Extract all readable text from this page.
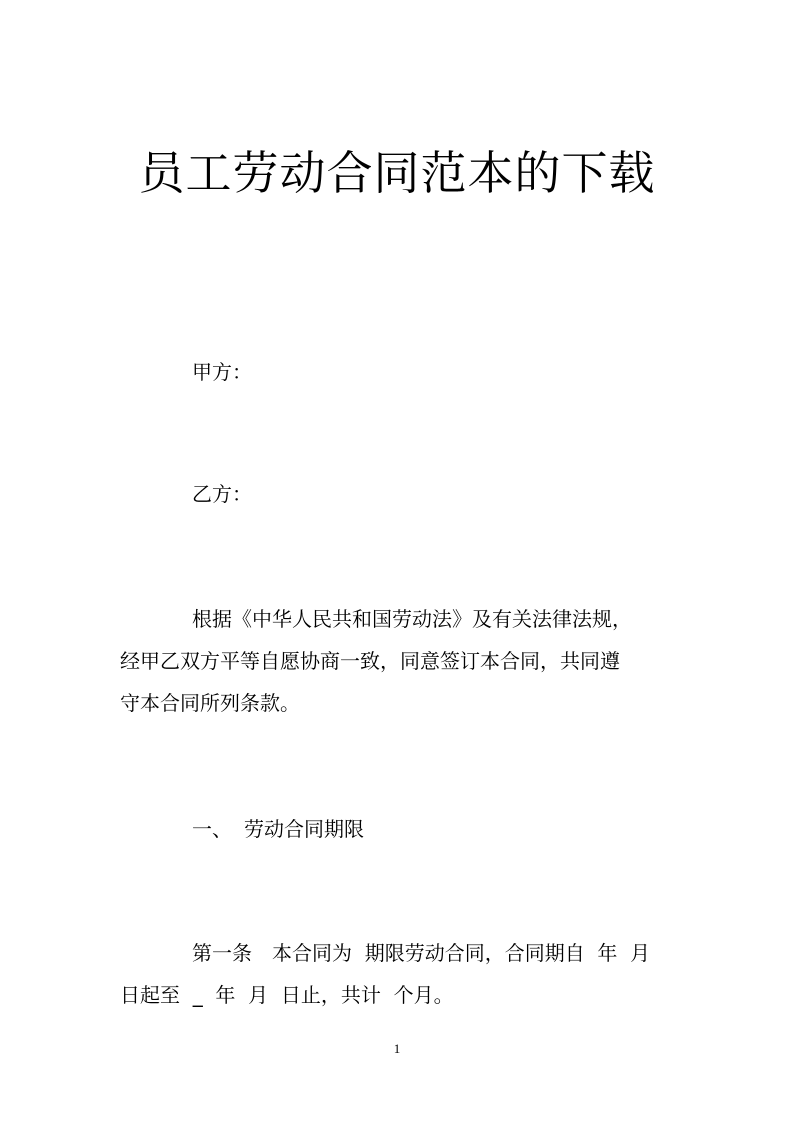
员工劳动合同范本的下载

甲方：

乙方：

根据《中华人民共和国劳动法》及有关法律法规，

经甲乙双方平等自愿协商一致，同意签订本合同，共同遵

守本合同所列条款。

一、 劳动合同期限

第一条　本合同为  期限劳动合同，合同期自  年  月

日起至  _  年  月  日止，共计  个月。

1
